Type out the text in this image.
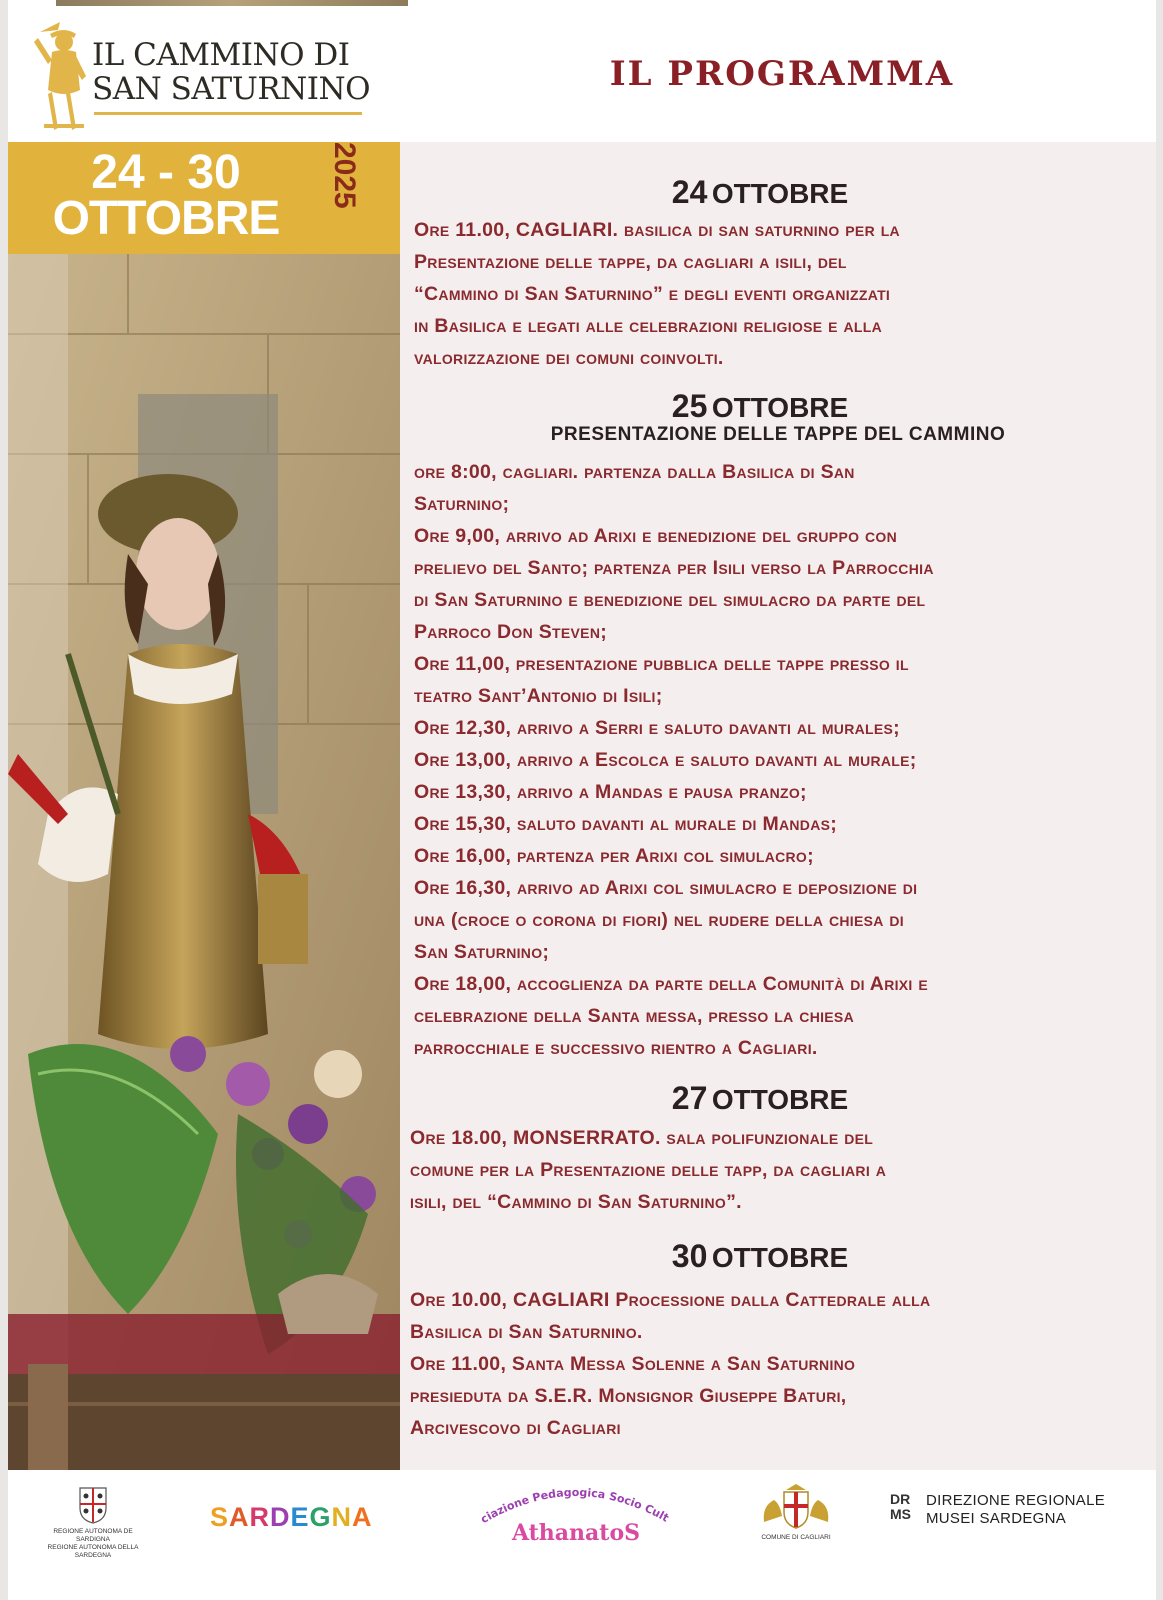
IL CAMMINO DI
SAN SATURNINO	IL PROGRAMMA
24 - 30
OTTOBRE
2025	24 OTTOBRE
Ore 11.00, CAGLIARI. basilica di san saturnino per la
Presentazione delle tappe, da cagliari a isili, del
“Cammino di San Saturnino” e degli eventi organizzati
in Basilica e legati alle celebrazioni religiose e alla
valorizzazione dei comuni coinvolti.
25 OTTOBRE
PRESENTAZIONE DELLE TAPPE DEL CAMMINO
ore 8:00, cagliari. partenza dalla Basilica di San
Saturnino;
Ore 9,00, arrivo ad Arixi e benedizione del gruppo con
prelievo del Santo; partenza per Isili verso la Parrocchia
di San Saturnino e benedizione del simulacro da parte del
Parroco Don Steven;
Ore 11,00, presentazione pubblica delle tappe presso il
teatro Sant’Antonio di Isili;
Ore 12,30, arrivo a Serri e saluto davanti al murales;
Ore 13,00, arrivo a Escolca e saluto davanti al murale;
Ore 13,30, arrivo a Mandas e pausa pranzo;
Ore 15,30, saluto davanti al murale di Mandas;
Ore 16,00, partenza per Arixi col simulacro;
Ore 16,30, arrivo ad Arixi col simulacro e deposizione di
una (croce o corona di fiori) nel rudere della chiesa di
San Saturnino;
Ore 18,00, accoglienza da parte della Comunità di Arixi e
celebrazione della Santa messa, presso la chiesa
parrocchiale e successivo rientro a Cagliari.
27 OTTOBRE
Ore 18.00, MONSERRATO. sala polifunzionale del
comune per la Presentazione delle tapp, da cagliari a
isili, del “Cammino di San Saturnino”.
30 OTTOBRE
Ore 10.00, CAGLIARI Processione dalla Cattedrale alla
Basilica di San Saturnino.
Ore 11.00, Santa Messa Solenne a San Saturnino
presieduta da S.E.R. Monsignor Giuseppe Baturi,
Arcivescovo di Cagliari
REGIONE AUTONOMA DE SARDIGNA
REGIONE AUTONOMA DELLA SARDEGNA
SARDEGNA	ciazione Pedagogica Socio Cult
AthanatoS	COMUNE DI CAGLIARI
DR
MS
DIREZIONE REGIONALE
MUSEI SARDEGNA
